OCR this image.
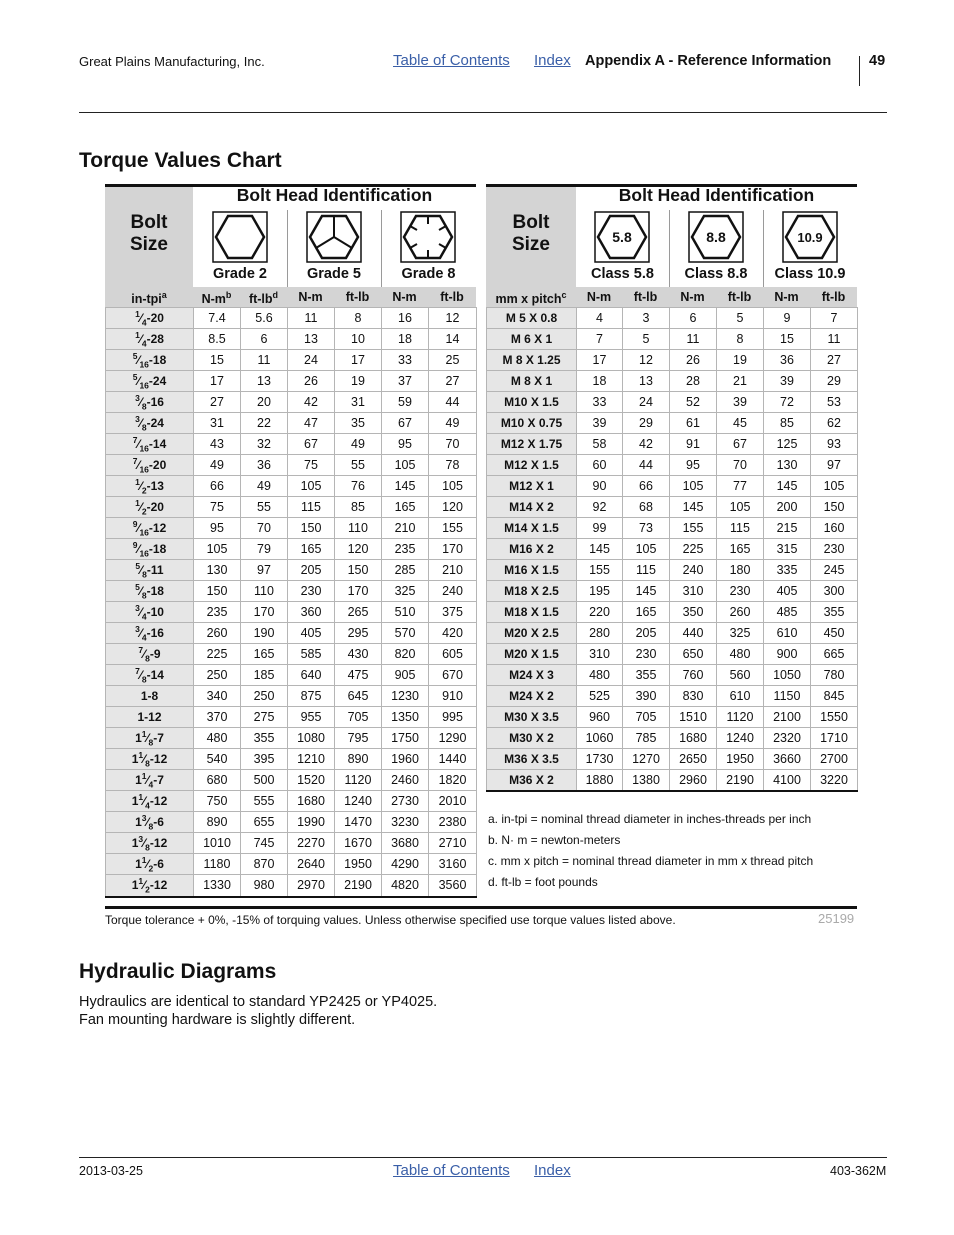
Great Plains Manufacturing, Inc.	Table of Contents Index Appendix A - Reference Information	49
Torque Values Chart
Bolt
Size
Bolt Head Identification
Grade 2	Grade 5	Grade 8
in-tpi$^a$	$N-m^b$	$ft-lb^d$	N-m	ft-lb	N-m	ft-lb
$^1⁄_4-20$	7.4	5.6	11	8	16	12
$^1⁄_4-28$	8.5	6	13	10	18	14
$^5⁄_{16}-18$	15	11	24	17	33	25
$^5⁄_{16}-24$	17	13	26	19	37	27
$^3⁄_8-16$	27	20	42	31	59	44
$^3⁄_8-24$	31	22	47	35	67	49
$^7⁄_{16}-14$	43	32	67	49	95	70
$^7⁄_{16}-20$	49	36	75	55	105	78
$^1⁄_2-13$	66	49	105	76	145	105
$^1⁄_2-20$	75	55	115	85	165	120
$^9⁄_{16}-12$	95	70	150	110	210	155
$^9⁄_{16}-18$	105	79	165	120	235	170
$^5⁄_8-11$	130	97	205	150	285	210
$^5⁄_8-18$	150	110	230	170	325	240
$^3⁄_4-10$	235	170	360	265	510	375
$^3⁄_4-16$	260	190	405	295	570	420
$^7⁄_8-9$	225	165	585	430	820	605
$^7⁄_8-14$	250	185	640	475	905	670
1-8	340	250	875	645	1230	910
1-12	370	275	955	705	1350	995
$1^1⁄_8-7$	480	355	1080	795	1750	1290
$1^1⁄_8-12$	540	395	1210	890	1960	1440
$1^1⁄_4-7$	680	500	1520	1120	2460	1820
$1^1⁄_4-12$	750	555	1680	1240	2730	2010
$1^3⁄_8-6$	890	655	1990	1470	3230	2380
$1^3⁄_8-12$	1010	745	2270	1670	3680	2710
$1^1⁄_2-6$	1180	870	2640	1950	4290	3160
$1^1⁄_2-12$	1330	980	2970	2190	4820	3560
Bolt
Size
Bolt Head Identification
5.8	8.8	10.9
Class 5.8	Class 8.8	Class 10.9
mm x pitch$^c$	N-m	ft-lb	N-m	ft-lb	N-m	ft-lb
M 5 X 0.8	4	3	6	5	9	7
M 6 X 1	7	5	11	8	15	11
M 8 X 1.25	17	12	26	19	36	27
M 8 X 1	18	13	28	21	39	29
M10 X 1.5	33	24	52	39	72	53
M10 X 0.75	39	29	61	45	85	62
M12 X 1.75	58	42	91	67	125	93
M12 X 1.5	60	44	95	70	130	97
M12 X 1	90	66	105	77	145	105
M14 X 2	92	68	145	105	200	150
M14 X 1.5	99	73	155	115	215	160
M16 X 2	145	105	225	165	315	230
M16 X 1.5	155	115	240	180	335	245
M18 X 2.5	195	145	310	230	405	300
M18 X 1.5	220	165	350	260	485	355
M20 X 2.5	280	205	440	325	610	450
M20 X 1.5	310	230	650	480	900	665
M24 X 3	480	355	760	560	1050	780
M24 X 2	525	390	830	610	1150	845
M30 X 3.5	960	705	1510	1120	2100	1550
M30 X 2	1060	785	1680	1240	2320	1710
M36 X 3.5	1730	1270	2650	1950	3660	2700
M36 X 2	1880	1380	2960	2190	4100	3220
a. in-tpi = nominal thread diameter in inches-threads per inch
b. N· m = newton-meters
c. mm x pitch = nominal thread diameter in mm x thread pitch
d. ft-lb = foot pounds
Torque tolerance + 0%, -15% of torquing values. Unless otherwise specified use torque values listed above.	25199
Hydraulic Diagrams
Hydraulics are identical to standard YP2425 or YP4025.
Fan mounting hardware is slightly different.
2013-03-25	Table of Contents Index	403-362M
